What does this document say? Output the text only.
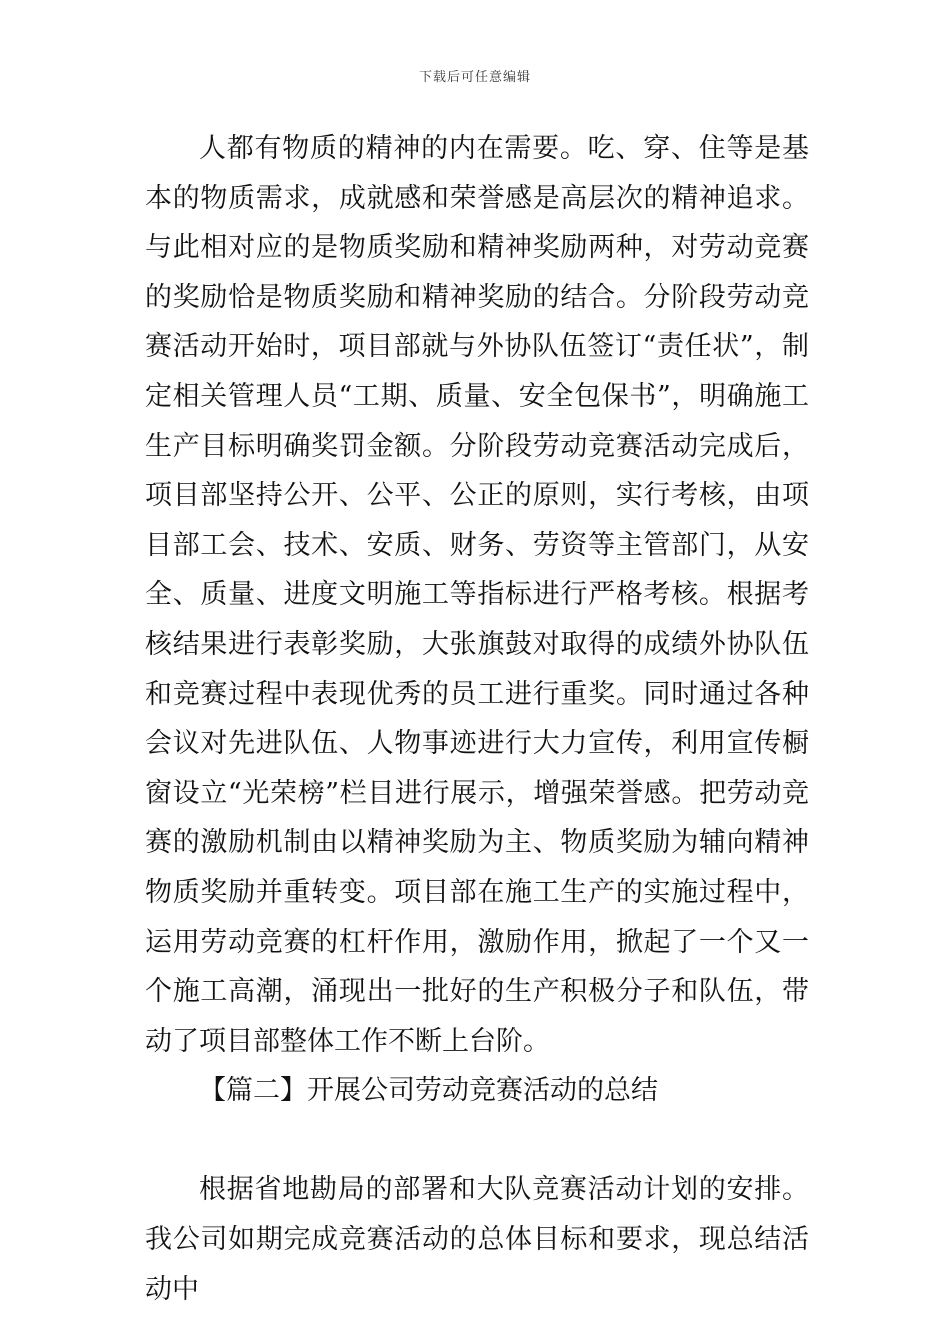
下载后可任意编辑

人都有物质的精神的内在需要。吃、穿、住等是基本的物质需求，成就感和荣誉感是高层次的精神追求。与此相对应的是物质奖励和精神奖励两种，对劳动竞赛的奖励恰是物质奖励和精神奖励的结合。分阶段劳动竞赛活动开始时，项目部就与外协队伍签订“责任状”，制定相关管理人员“工期、质量、安全包保书”，明确施工生产目标明确奖罚金额。分阶段劳动竞赛活动完成后，项目部坚持公开、公平、公正的原则，实行考核，由项目部工会、技术、安质、财务、劳资等主管部门，从安全、质量、进度文明施工等指标进行严格考核。根据考核结果进行表彰奖励，大张旗鼓对取得的成绩外协队伍和竞赛过程中表现优秀的员工进行重奖。同时通过各种会议对先进队伍、人物事迹进行大力宣传，利用宣传橱窗设立“光荣榜”栏目进行展示，增强荣誉感。把劳动竞赛的激励机制由以精神奖励为主、物质奖励为辅向精神物质奖励并重转变。项目部在施工生产的实施过程中，运用劳动竞赛的杠杆作用，激励作用，掀起了一个又一个施工高潮，涌现出一批好的生产积极分子和队伍，带动了项目部整体工作不断上台阶。

【篇二】开展公司劳动竞赛活动的总结

根据省地勘局的部署和大队竞赛活动计划的安排。我公司如期完成竞赛活动的总体目标和要求，现总结活动中
